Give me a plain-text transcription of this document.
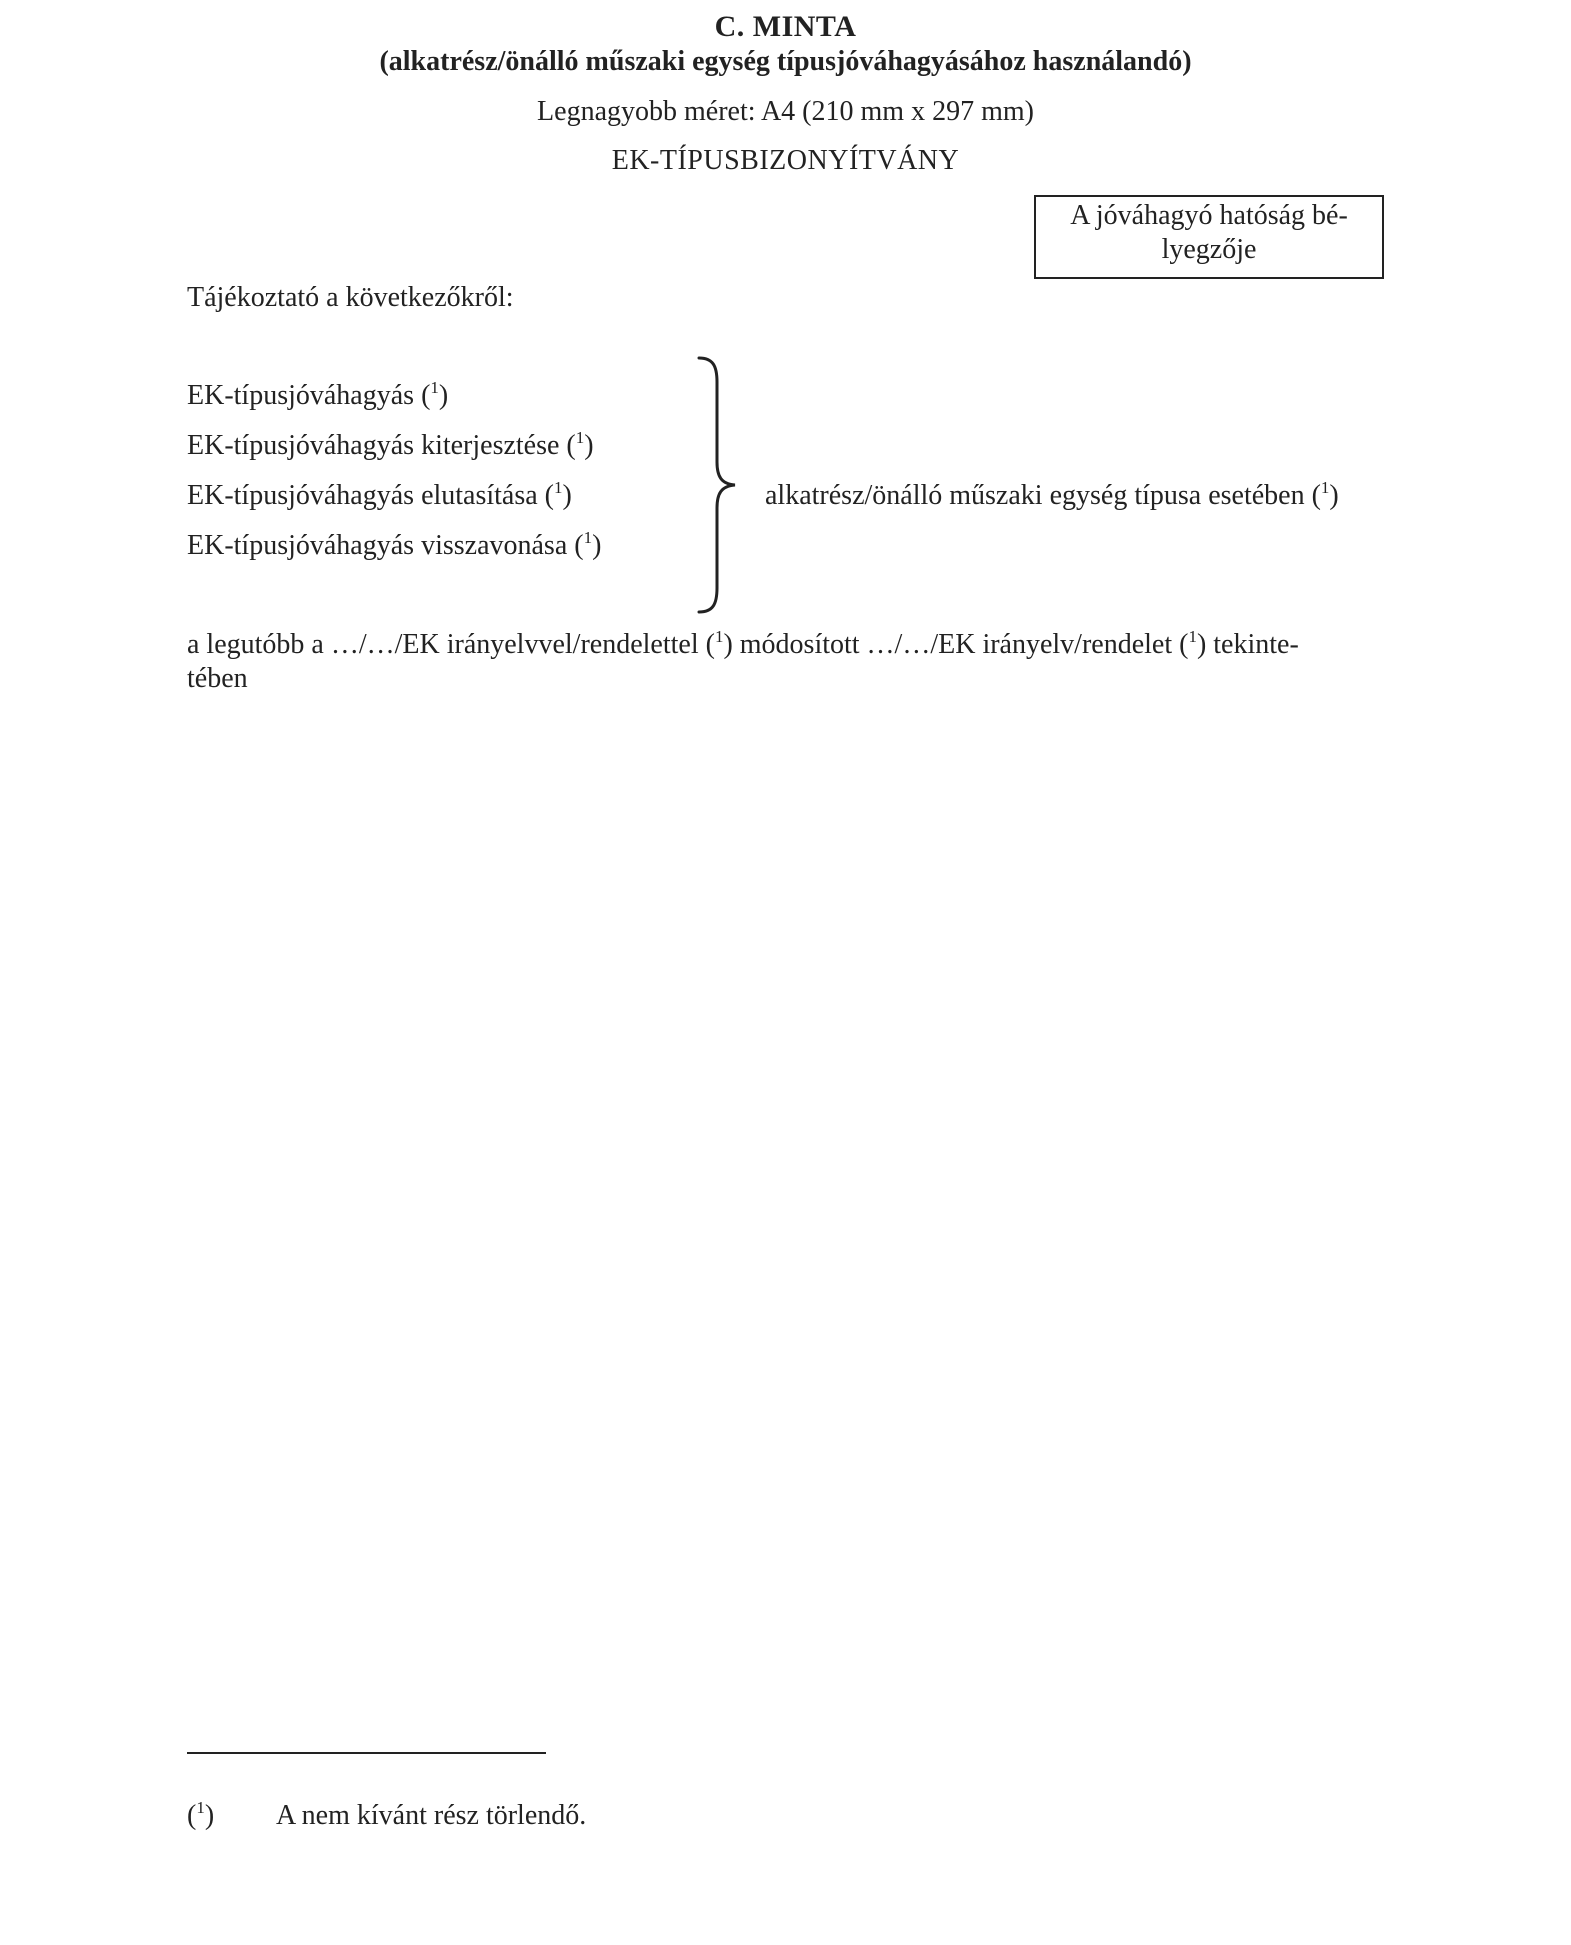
C. MINTA
(alkatrész/önálló műszaki egység típusjóváhagyásához használandó)
Legnagyobb méret: A4 (210 mm x 297 mm)
EK-TÍPUSBIZONYÍTVÁNY
A jóváhagyó hatóság bé-
lyegzője
Tájékoztató a következőkről:
EK-típusjóváhagyás ($^1$)
EK-típusjóváhagyás kiterjesztése ($^1$)
EK-típusjóváhagyás elutasítása ($^1$)
EK-típusjóváhagyás visszavonása ($^1$)
alkatrész/önálló műszaki egység típusa esetében ($^1$)
a legutóbb a …/…/EK irányelvvel/rendelettel ($^1$) módosított …/…/EK irányelv/rendelet ($^1$) tekinte-
tében
($^1$) A nem kívánt rész törlendő.
